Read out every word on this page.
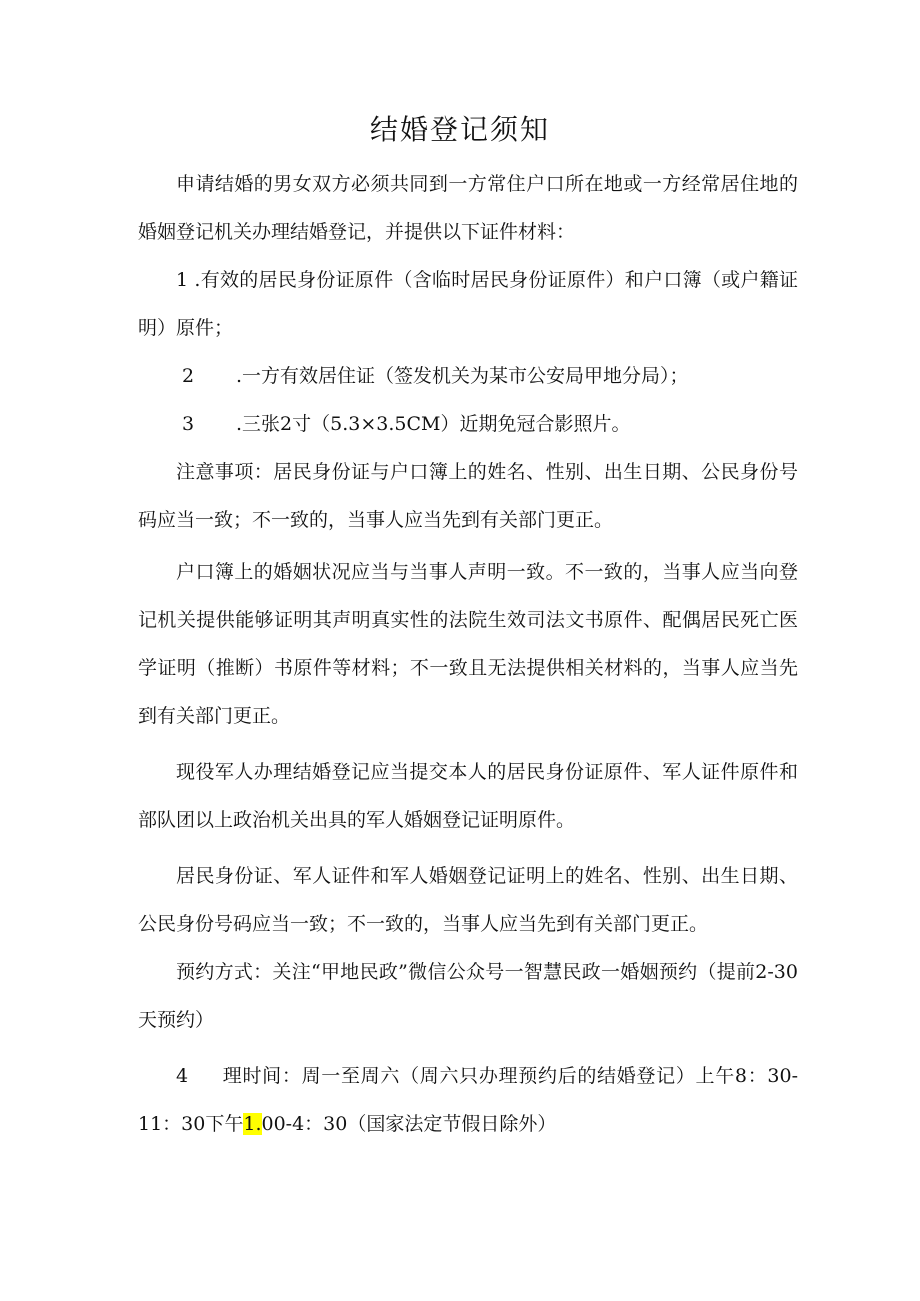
结婚登记须知

申请结婚的男女双方必须共同到一方常住户口所在地或一方经常居住地的婚姻登记机关办理结婚登记，并提供以下证件材料：

1 .有效的居民身份证原件（含临时居民身份证原件）和户口簿（或户籍证明）原件；

2 .一方有效居住证（签发机关为某市公安局甲地分局）；

3 .三张2寸（5.3×3.5CM）近期免冠合影照片。

注意事项：居民身份证与户口簿上的姓名、性别、出生日期、公民身份号码应当一致；不一致的，当事人应当先到有关部门更正。

户口簿上的婚姻状况应当与当事人声明一致。不一致的，当事人应当向登记机关提供能够证明其声明真实性的法院生效司法文书原件、配偶居民死亡医学证明（推断）书原件等材料；不一致且无法提供相关材料的，当事人应当先到有关部门更正。

现役军人办理结婚登记应当提交本人的居民身份证原件、军人证件原件和部队团以上政治机关出具的军人婚姻登记证明原件。

居民身份证、军人证件和军人婚姻登记证明上的姓名、性别、出生日期、公民身份号码应当一致；不一致的，当事人应当先到有关部门更正。

预约方式：关注“甲地民政”微信公众号一智慧民政一婚姻预约（提前2-30天预约）

4 理时间：周一至周六（周六只办理预约后的结婚登记）上午8：30-11：30下午1.00-4：30（国家法定节假日除外）
